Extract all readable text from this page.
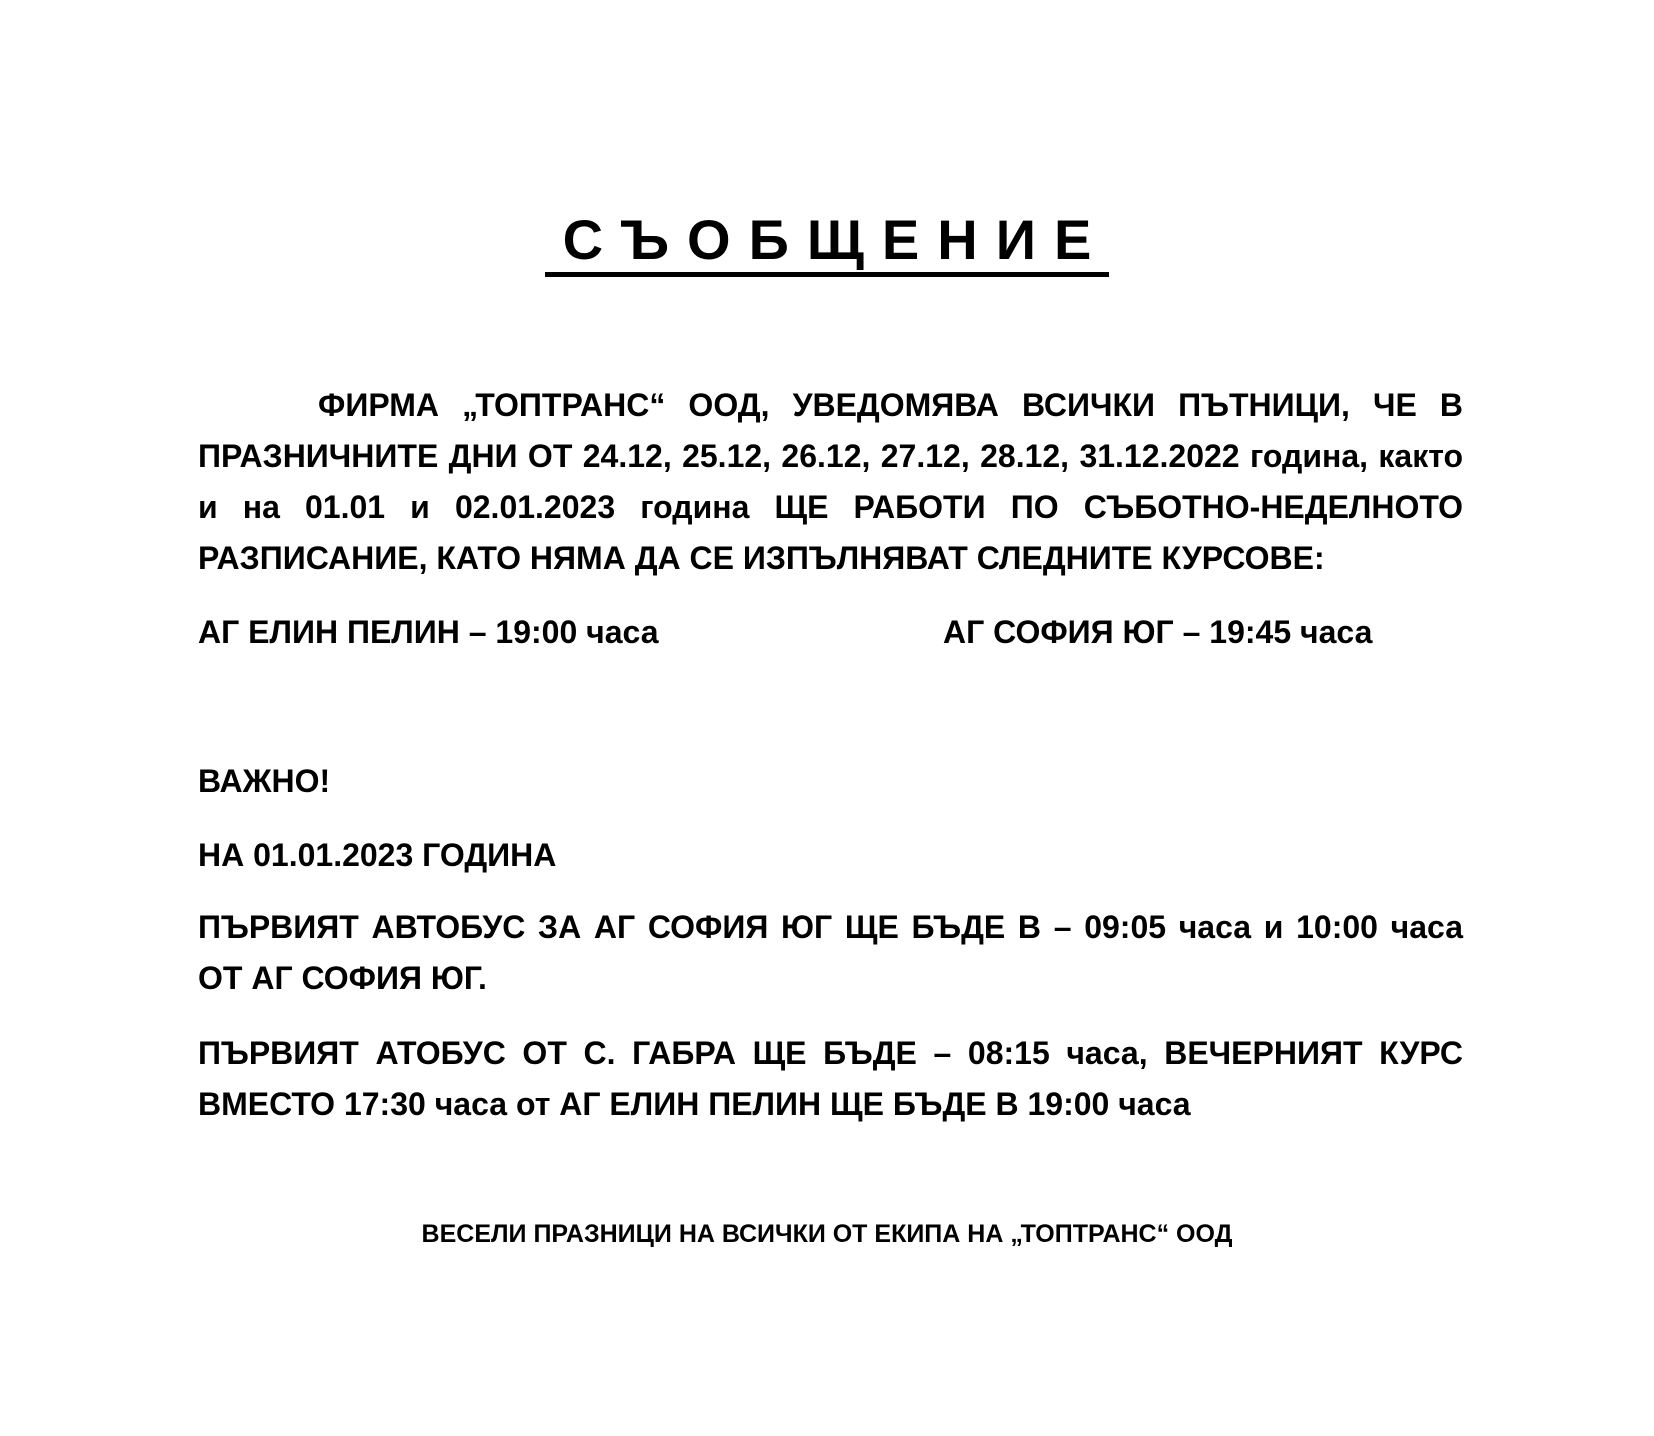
СЪОБЩЕНИЕ
ФИРМА „ТОПТРАНС“ ООД, УВЕДОМЯВА ВСИЧКИ ПЪТНИЦИ, ЧЕ В ПРАЗНИЧНИТЕ ДНИ ОТ 24.12, 25.12, 26.12, 27.12, 28.12, 31.12.2022 година, както и на 01.01 и 02.01.2023 година ЩЕ РАБОТИ ПО СЪБОТНО-НЕДЕЛНОТО РАЗПИСАНИЕ, КАТО НЯМА ДА СЕ ИЗПЪЛНЯВАТ СЛЕДНИТЕ КУРСОВЕ:
АГ ЕЛИН ПЕЛИН – 19:00 часа	АГ СОФИЯ ЮГ – 19:45 часа
ВАЖНО!
НА 01.01.2023 ГОДИНА
ПЪРВИЯТ АВТОБУС ЗА АГ СОФИЯ ЮГ ЩЕ БЪДЕ В – 09:05 часа и 10:00 часа ОТ АГ СОФИЯ ЮГ.
ПЪРВИЯТ АТОБУС ОТ С. ГАБРА ЩЕ БЪДЕ – 08:15 часа, ВЕЧЕРНИЯТ КУРС ВМЕСТО 17:30 часа от АГ ЕЛИН ПЕЛИН ЩЕ БЪДЕ В 19:00 часа
ВЕСЕЛИ ПРАЗНИЦИ НА ВСИЧКИ ОТ ЕКИПА НА „ТОПТРАНС“ ООД
